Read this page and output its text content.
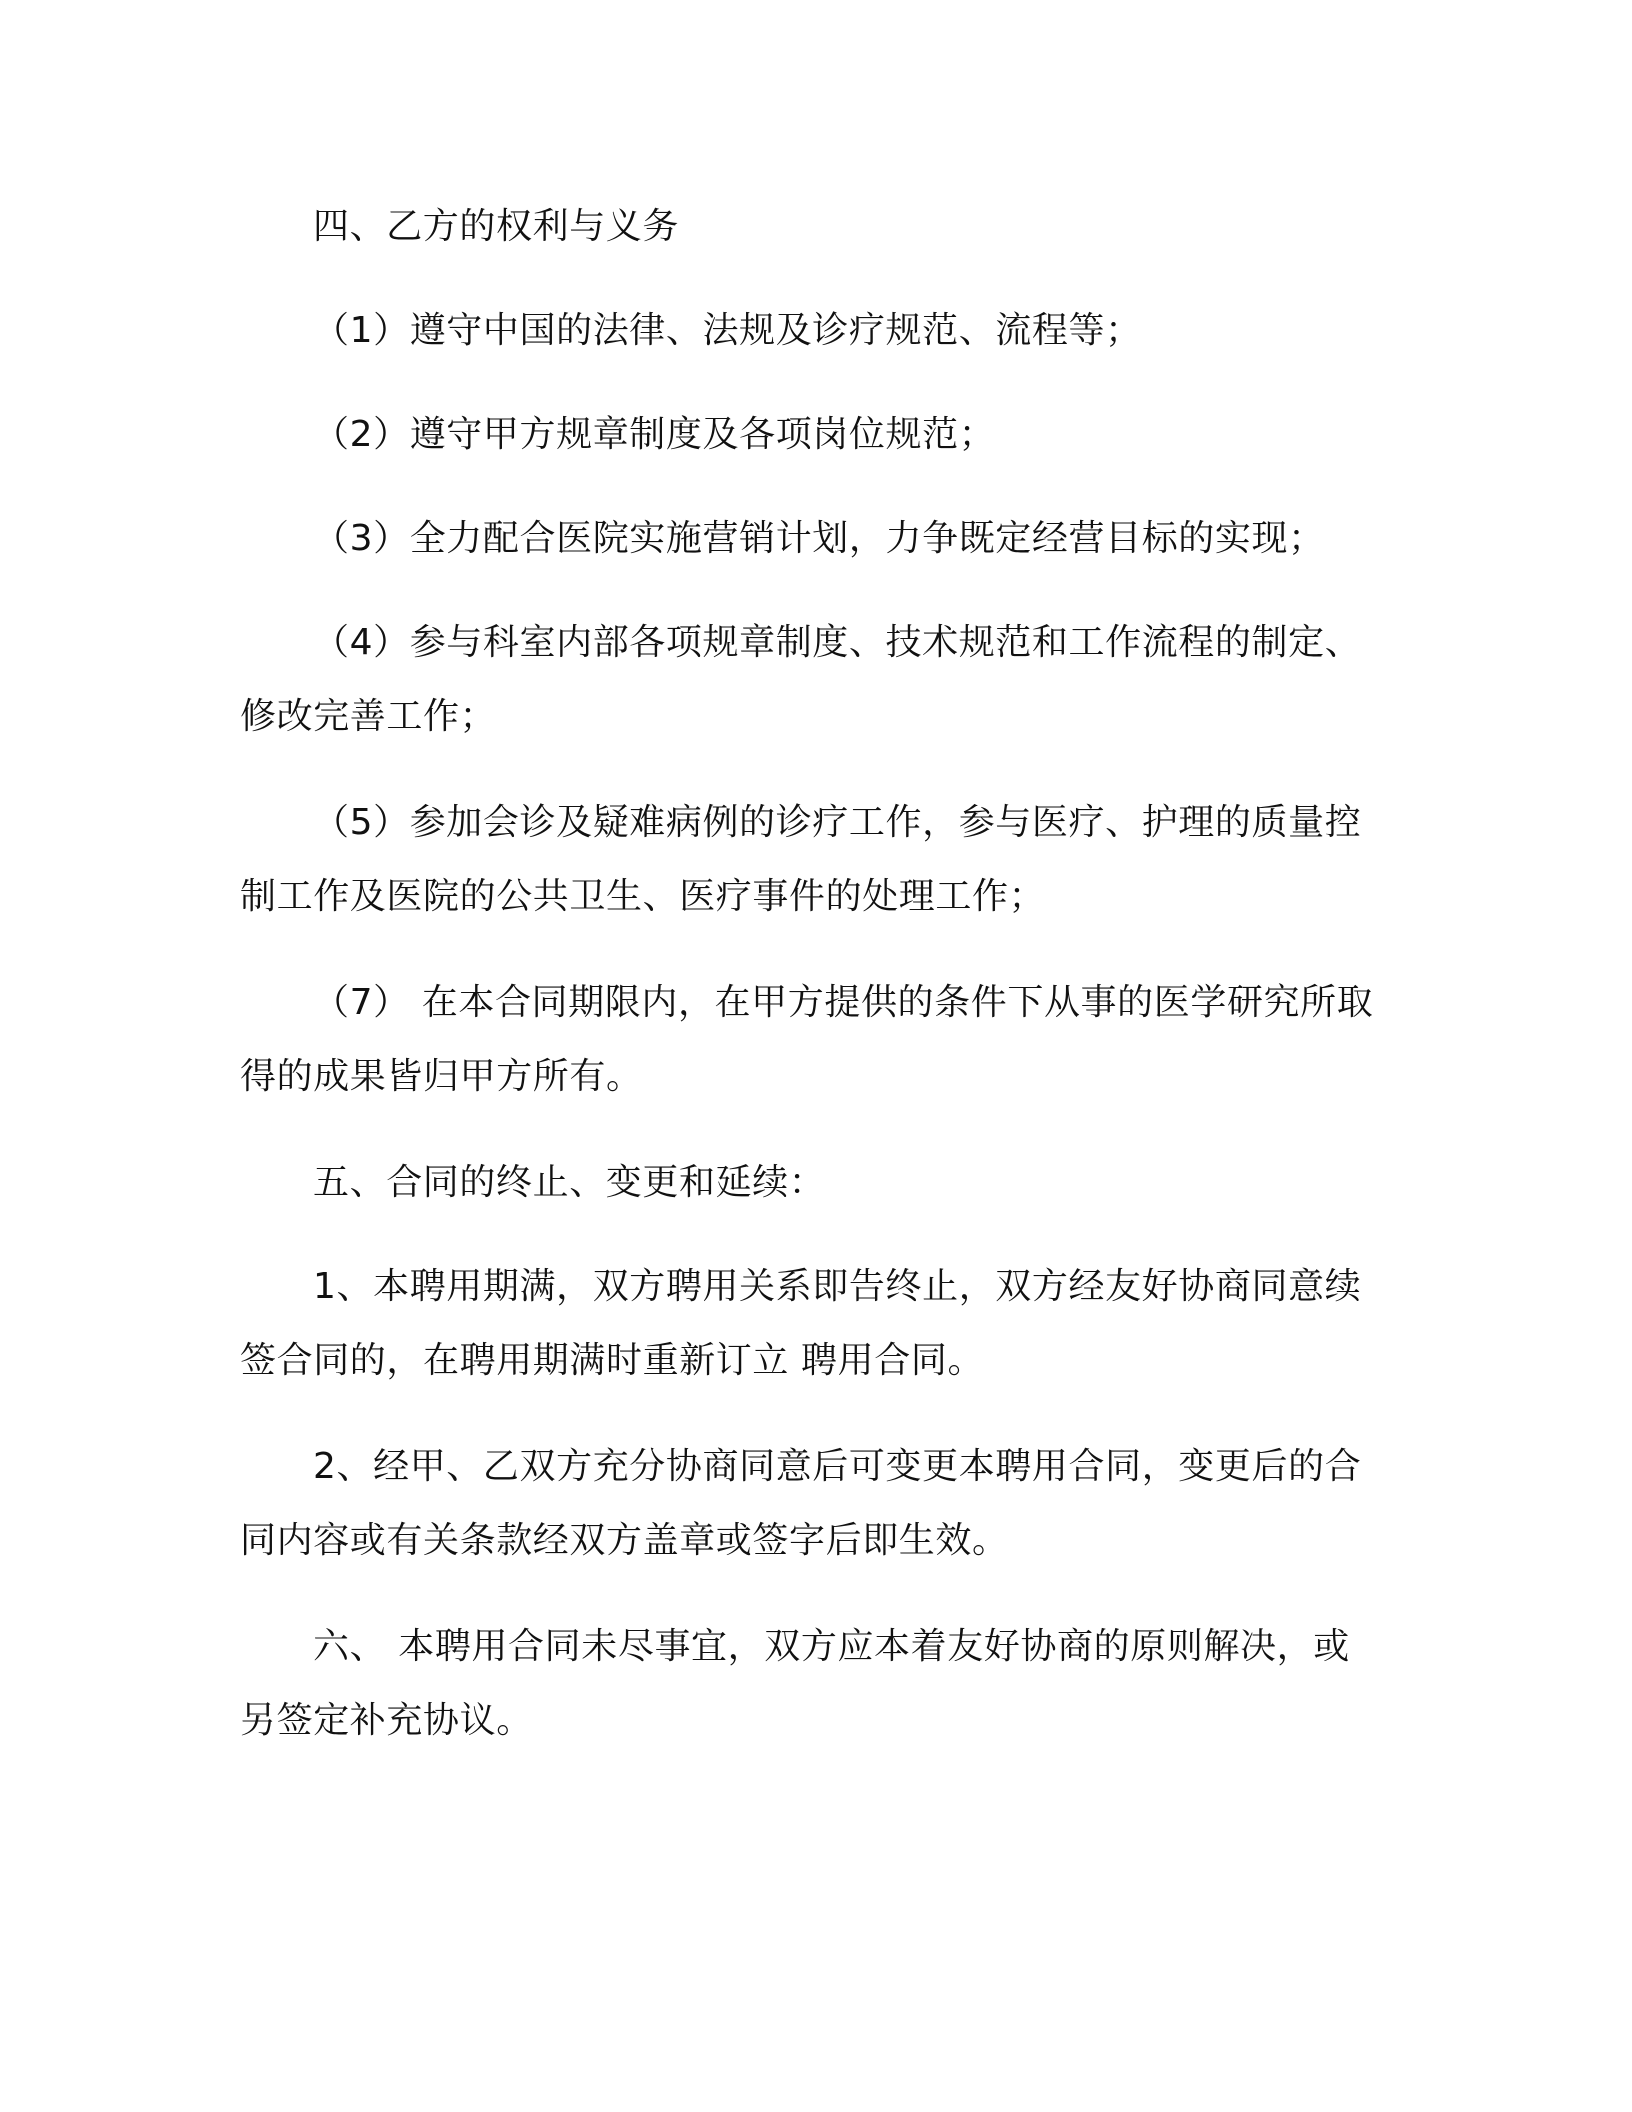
四、乙方的权利与义务

（1）遵守中国的法律、法规及诊疗规范、流程等；

（2）遵守甲方规章制度及各项岗位规范；

（3）全力配合医院实施营销计划，力争既定经营目标的实现；

（4）参与科室内部各项规章制度、技术规范和工作流程的制定、修改完善工作；

（5）参加会诊及疑难病例的诊疗工作，参与医疗、护理的质量控制工作及医院的公共卫生、医疗事件的处理工作；

（7） 在本合同期限内，在甲方提供的条件下从事的医学研究所取得的成果皆归甲方所有。

五、合同的终止、变更和延续：

1、本聘用期满，双方聘用关系即告终止，双方经友好协商同意续签合同的，在聘用期满时重新订立 聘用合同。

2、经甲、乙双方充分协商同意后可变更本聘用合同，变更后的合同内容或有关条款经双方盖章或签字后即生效。

六、 本聘用合同未尽事宜，双方应本着友好协商的原则解决，或另签定补充协议。
